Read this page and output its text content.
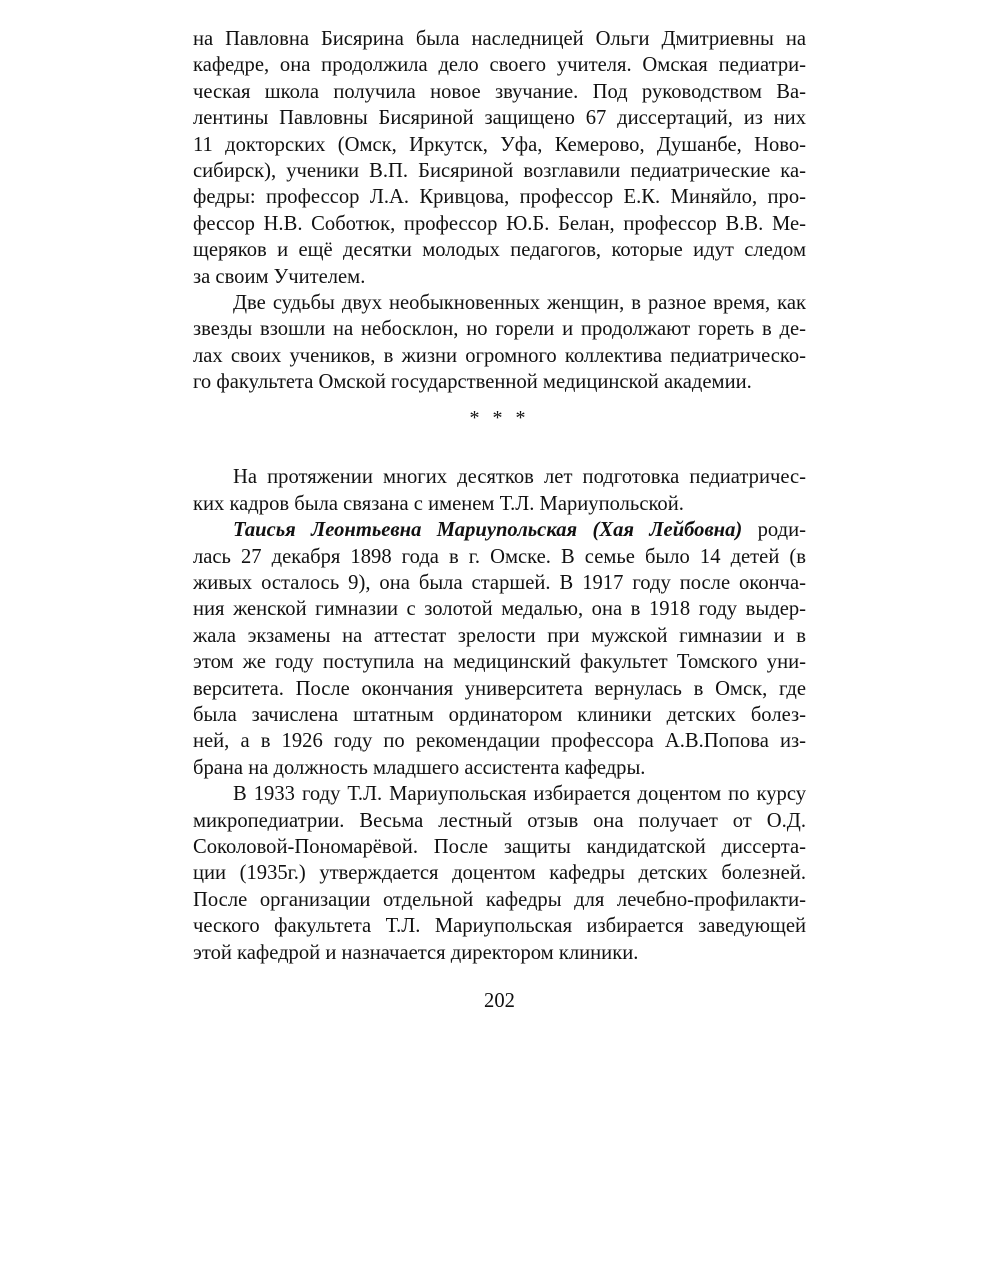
на Павловна Бисярина была наследницей Ольги Дмитриевны на
кафедре, она продолжила дело своего учителя. Омская педиатри-
ческая школа получила новое звучание. Под руководством Ва-
лентины Павловны Бисяриной защищено 67 диссертаций, из них
11 докторских (Омск, Иркутск, Уфа, Кемерово, Душанбе, Ново-
сибирск), ученики В.П. Бисяриной возглавили педиатрические ка-
федры: профессор Л.А. Кривцова, профессор Е.К. Миняйло, про-
фессор Н.В. Соботюк, профессор Ю.Б. Белан, профессор В.В. Ме-
щеряков и ещё десятки молодых педагогов, которые идут следом
за своим Учителем.
Две судьбы двух необыкновенных женщин, в разное время, как
звезды взошли на небосклон, но горели и продолжают гореть в де-
лах своих учеников, в жизни огромного коллектива педиатрическо-
го факультета Омской государственной медицинской академии.
* * *
На протяжении многих десятков лет подготовка педиатричес-
ких кадров была связана с именем Т.Л. Мариупольской.
Таисья Леонтьевна Мариупольская (Хая Лейбовна) роди-
лась 27 декабря 1898 года в г. Омске. В семье было 14 детей (в
живых осталось 9), она была старшей. В 1917 году после оконча-
ния женской гимназии с золотой медалью, она в 1918 году выдер-
жала экзамены на аттестат зрелости при мужской гимназии и в
этом же году поступила на медицинский факультет Томского уни-
верситета. После окончания университета вернулась в Омск, где
была зачислена штатным ординатором клиники детских болез-
ней, а в 1926 году по рекомендации профессора А.В.Попова из-
брана на должность младшего ассистента кафедры.
В 1933 году Т.Л. Мариупольская избирается доцентом по курсу
микропедиатрии. Весьма лестный отзыв она получает от О.Д.
Соколовой-Пономарёвой. После защиты кандидатской диссерта-
ции (1935г.) утверждается доцентом кафедры детских болезней.
После организации отдельной кафедры для лечебно-профилакти-
ческого факультета Т.Л. Мариупольская избирается заведующей
этой кафедрой и назначается директором клиники.
202
